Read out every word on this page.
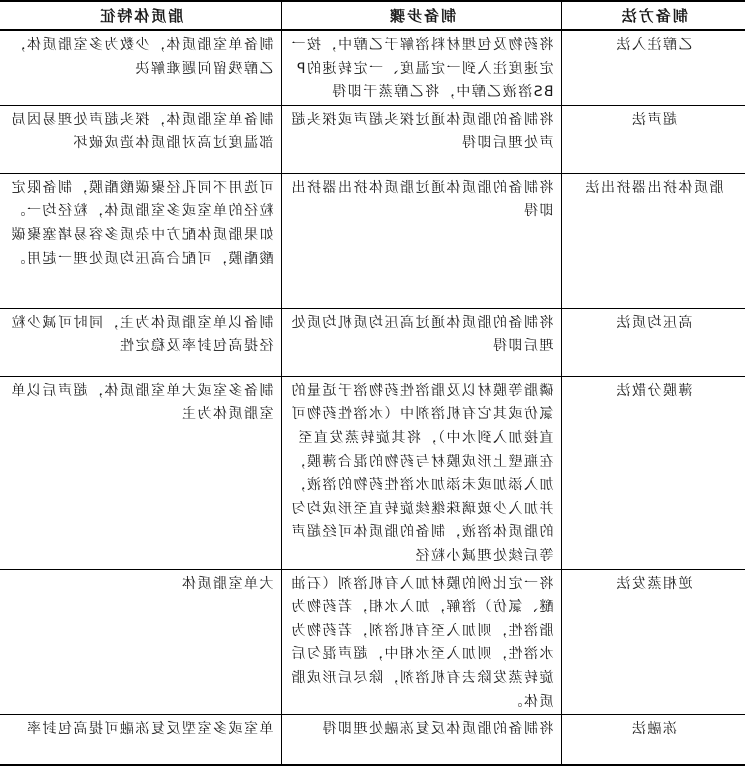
制备方法	制备步骤	脂质体特征
乙醇注入法	将药物及包埋材料溶解于乙醇中，按一定速度注入到一定温度、一定转速的PBS溶液乙醇中，将乙醇蒸干即得	制备单室脂质体，少数为多室脂质体，乙醇残留问题难解决
超声法	将制备的脂质体通过探头超声或探头超声处理后即得	制备单室脂质体，探头超声处理易因局部温度过高对脂质体造成破坏
脂质体挤出器挤出法	将制备的脂质体通过脂质体挤出器挤出即得	可选用不同孔径聚碳酸酯膜，制备限定粒径的单室或多室脂质体，粒径均一。如果脂质体配方中杂质多容易堵塞聚碳酸酯膜，可配合高压均质处理一起用。
高压均质法	将制备的脂质体通过高压均质机均质处理后即得	制备以单室脂质体为主，同时可减少粒径提高包封率及稳定性
薄膜分散法	磷脂等膜材以及脂溶性药物溶于适量的氯仿或其它有机溶剂中（水溶性药物可直接加入到水中），将其旋转蒸发直至在瓶壁上形成膜材与药物的混合薄膜，加入添加或未添加水溶性药物的溶液，并加入少玻璃珠继续旋转直至形成均匀的脂质体溶液，制备的脂质体可经超声等后续处理减小粒径	制备多室或大单室脂质体，超声后以单室脂质体为主
逆相蒸发法	将一定比例的膜材加入有机溶剂（石油醚、氯仿）溶解，加入水相，若药物为脂溶性，则加入至有机溶剂，若药物为水溶性，则加入至水相中，超声混匀后旋转蒸发除去有机溶剂，除尽后形成脂质体。	大单室脂质体
冻融法	将制备的脂质体反复冻融处理即得	单室或多室型反复冻融可提高包封率
